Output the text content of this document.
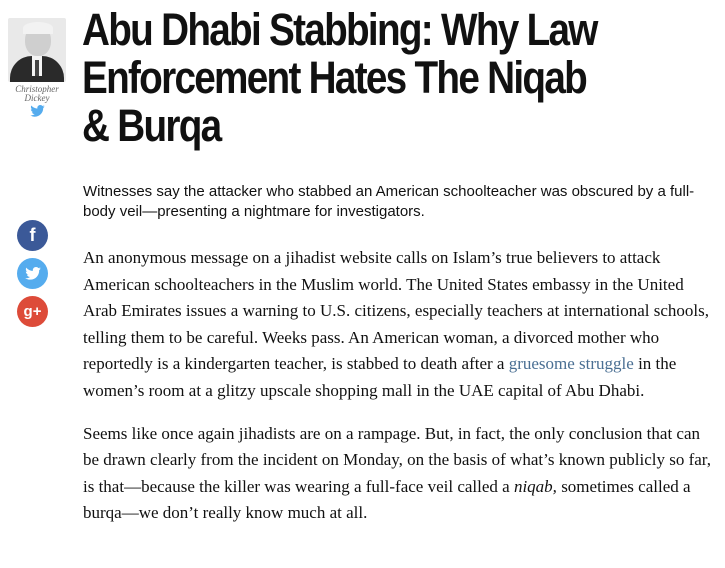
Christopher
Dickey
Abu Dhabi Stabbing: Why Law Enforcement Hates The Niqab & Burqa
Witnesses say the attacker who stabbed an American schoolteacher was obscured by a full-body veil—presenting a nightmare for investigators.
f
g+

An anonymous message on a jihadist website calls on Islam’s true believers to attack American schoolteachers in the Muslim world. The United States embassy in the United Arab Emirates issues a warning to U.S. citizens, especially teachers at international schools, telling them to be careful. Weeks pass. An American woman, a divorced mother who reportedly is a kindergarten teacher, is stabbed to death after a gruesome struggle in the women’s room at a glitzy upscale shopping mall in the UAE capital of Abu Dhabi.

Seems like once again jihadists are on a rampage. But, in fact, the only conclusion that can be drawn clearly from the incident on Monday, on the basis of what’s known publicly so far, is that—because the killer was wearing a full-face veil called a niqab, sometimes called a burqa—we don’t really know much at all.
